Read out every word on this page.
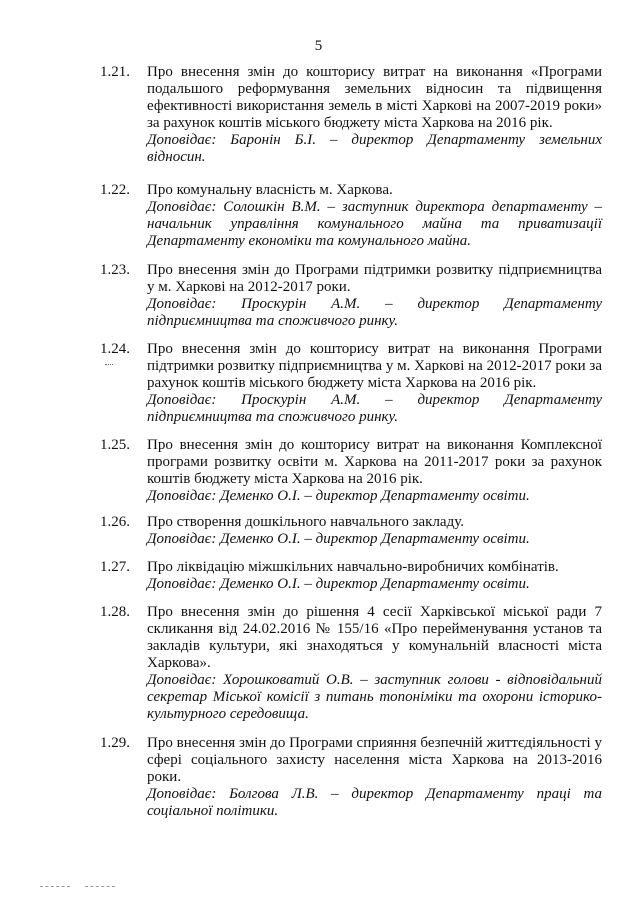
5
1.21. Про внесення змін до кошторису витрат на виконання «Програми подальшого реформування земельних відносин та підвищення ефективності використання земель в місті Харкові на 2007-2019 роки» за рахунок коштів міського бюджету міста Харкова на 2016 рік.
Доповідає: Баронін Б.І. – директор Департаменту земельних відносин.
1.22. Про комунальну власність м. Харкова.
Доповідає: Солошкін В.М. – заступник директора департаменту – начальник управління комунального майна та приватизації Департаменту економіки та комунального майна.
1.23. Про внесення змін до Програми підтримки розвитку підприємництва у м. Харкові на 2012-2017 роки.
Доповідає: Проскурін А.М. – директор Департаменту підприємництва та споживчого ринку.
1.24. Про внесення змін до кошторису витрат на виконання Програми підтримки розвитку підприємництва у м. Харкові на 2012-2017 роки за рахунок коштів міського бюджету міста Харкова на 2016 рік.
Доповідає: Проскурін А.М. – директор Департаменту підприємництва та споживчого ринку.
1.25. Про внесення змін до кошторису витрат на виконання Комплексної програми розвитку освіти м. Харкова на 2011-2017 роки за рахунок коштів бюджету міста Харкова на 2016 рік.
Доповідає: Деменко О.І. – директор Департаменту освіти.
1.26. Про створення дошкільного навчального закладу.
Доповідає: Деменко О.І. – директор Департаменту освіти.
1.27. Про ліквідацію міжшкільних навчально-виробничих комбінатів.
Доповідає: Деменко О.І. – директор Департаменту освіти.
1.28. Про внесення змін до рішення 4 сесії Харківської міської ради 7 скликання від 24.02.2016 № 155/16 «Про перейменування установ та закладів культури, які знаходяться у комунальній власності міста Харкова».
Доповідає: Хорошковатий О.В. – заступник голови - відповідальний секретар Міської комісії з питань топоніміки та охорони історико-культурного середовища.
1.29. Про внесення змін до Програми сприяння безпечній життєдіяльності у сфері соціального захисту населення міста Харкова на 2013-2016 роки.
Доповідає: Болгова Л.В. – директор Департаменту праці та соціальної політики.
